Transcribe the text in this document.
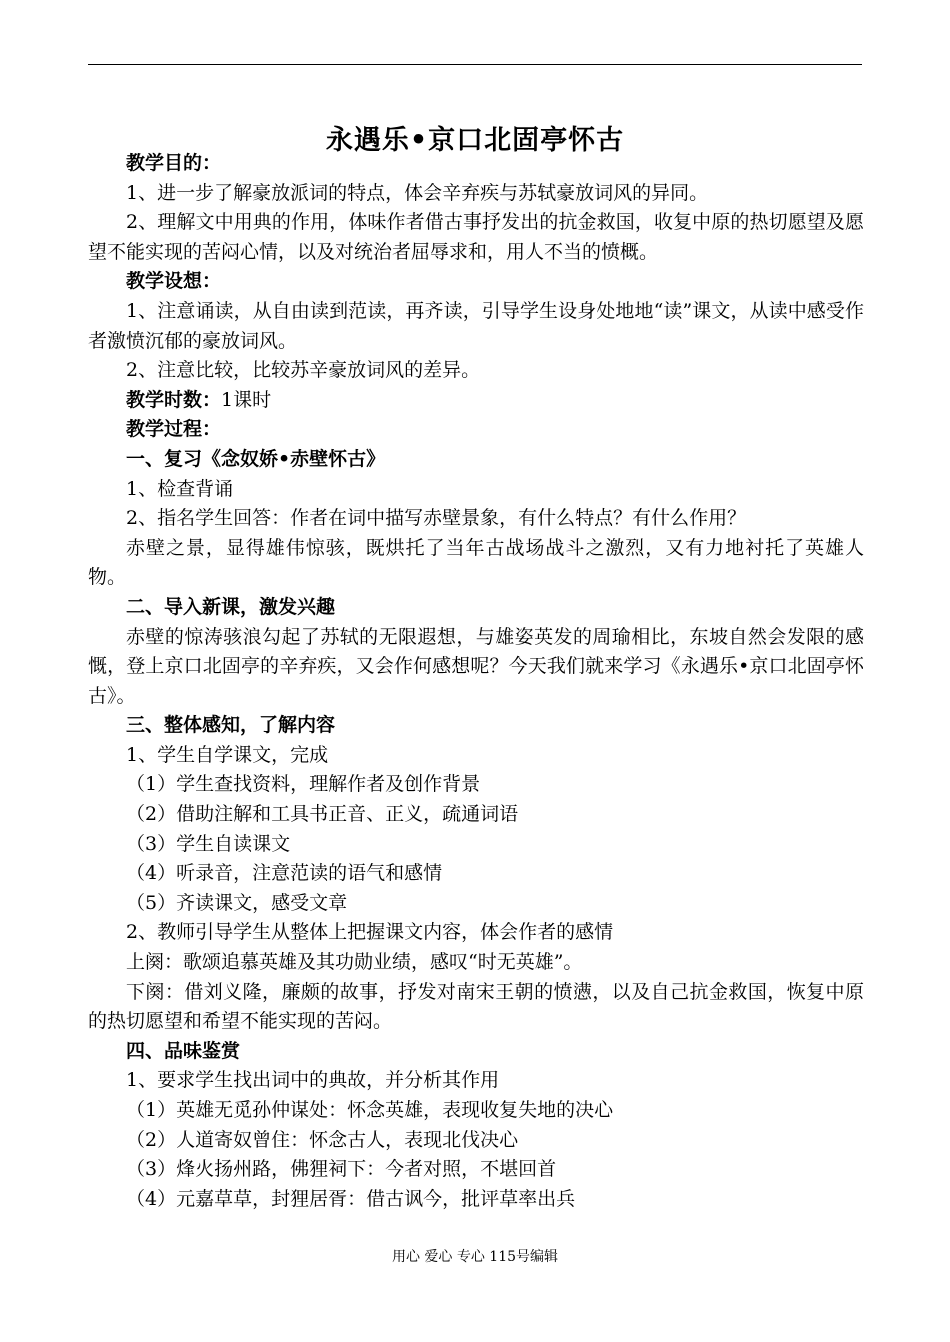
永遇乐•京口北固亭怀古

教学目的：

1、进一步了解豪放派词的特点，体会辛弃疾与苏轼豪放词风的异同。

2、理解文中用典的作用，体味作者借古事抒发出的抗金救国，收复中原的热切愿望及愿望不能实现的苦闷心情，以及对统治者屈辱求和，用人不当的愤概。

教学设想：

1、注意诵读，从自由读到范读，再齐读，引导学生设身处地地“读”课文，从读中感受作者激愤沉郁的豪放词风。

2、注意比较，比较苏辛豪放词风的差异。

教学时数：1课时

教学过程：

一、复习《念奴娇•赤壁怀古》

1、检查背诵

2、指名学生回答：作者在词中描写赤壁景象，有什么特点？有什么作用？

赤壁之景，显得雄伟惊骇，既烘托了当年古战场战斗之激烈，又有力地衬托了英雄人物。

二、导入新课，激发兴趣

赤壁的惊涛骇浪勾起了苏轼的无限遐想，与雄姿英发的周瑜相比，东坡自然会发限的感慨，登上京口北固亭的辛弃疾，又会作何感想呢？今天我们就来学习《永遇乐•京口北固亭怀古》。

三、整体感知，了解内容

1、学生自学课文，完成

（1）学生查找资料，理解作者及创作背景

（2）借助注解和工具书正音、正义，疏通词语

（3）学生自读课文

（4）听录音，注意范读的语气和感情

（5）齐读课文，感受文章

2、教师引导学生从整体上把握课文内容，体会作者的感情

上阕：歌颂追慕英雄及其功勋业绩，感叹“时无英雄”。

下阕：借刘义隆，廉颇的故事，抒发对南宋王朝的愤懑，以及自己抗金救国，恢复中原的热切愿望和希望不能实现的苦闷。

四、品味鉴赏

1、要求学生找出词中的典故，并分析其作用

（1）英雄无觅孙仲谋处：怀念英雄，表现收复失地的决心

（2）人道寄奴曾住：怀念古人，表现北伐决心

（3）烽火扬州路，佛狸祠下：今者对照，不堪回首

（4）元嘉草草，封狸居胥：借古讽今，批评草率出兵

用心 爱心 专心 115号编辑
